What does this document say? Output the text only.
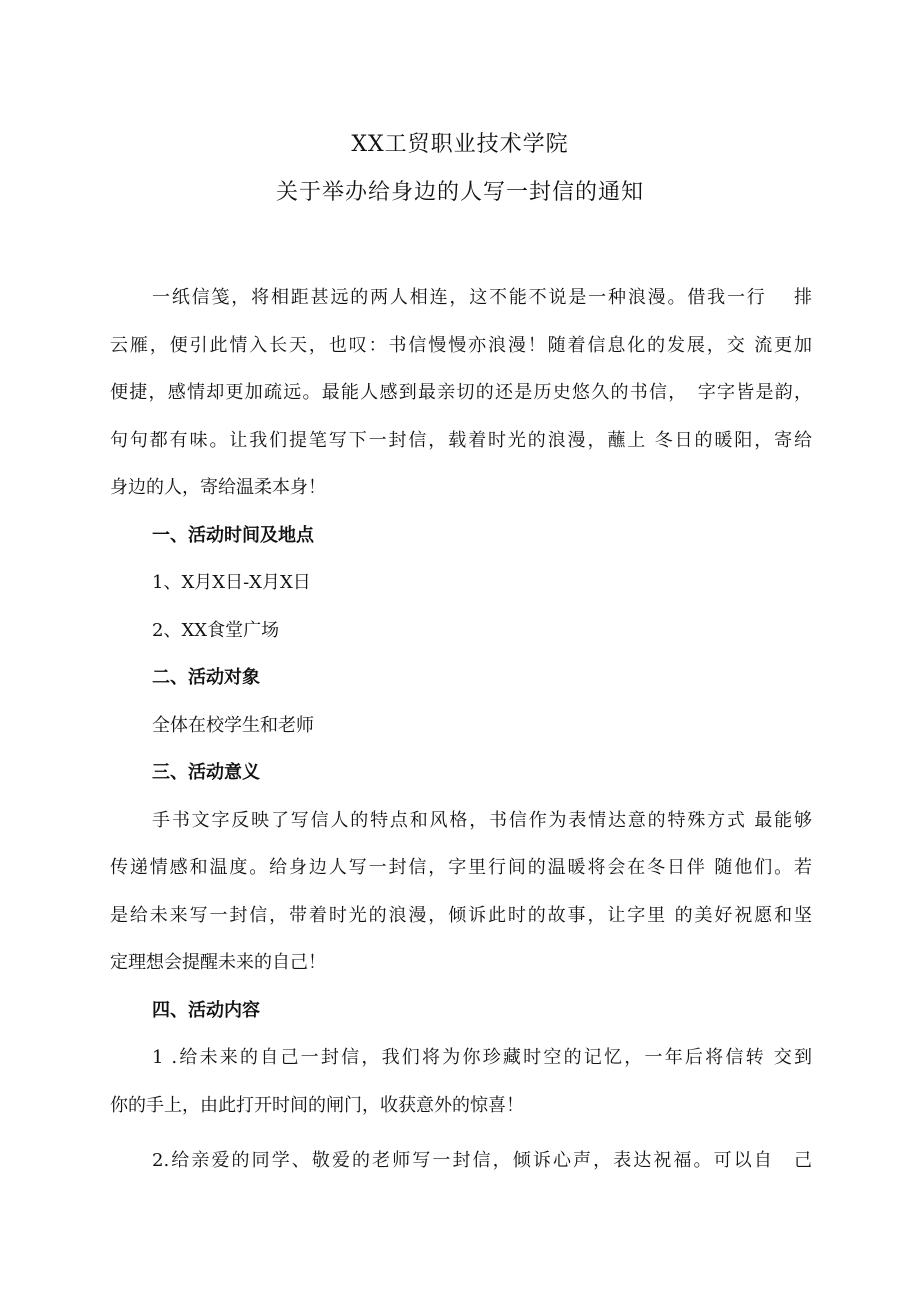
XX工贸职业技术学院
关于举办给身边的人写一封信的通知
一纸信笺，将相距甚远的两人相连，这不能不说是一种浪漫。借我一行　 排
云雁，便引此情入长天，也叹：书信慢慢亦浪漫！随着信息化的发展，交 流更加
便捷，感情却更加疏远。最能人感到最亲切的还是历史悠久的书信，　字字皆是韵，
句句都有味。让我们提笔写下一封信，载着时光的浪漫，蘸上 冬日的暖阳，寄给
身边的人，寄给温柔本身！
一、活动时间及地点
1、X月X日-X月X日
2、XX食堂广场
二、活动对象
全体在校学生和老师
三、活动意义
手书文字反映了写信人的特点和风格，书信作为表情达意的特殊方式 最能够
传递情感和温度。给身边人写一封信，字里行间的温暖将会在冬日伴 随他们。若
是给未来写一封信，带着时光的浪漫，倾诉此时的故事，让字里 的美好祝愿和坚
定理想会提醒未来的自己！
四、活动内容
1 .给未来的自己一封信，我们将为你珍藏时空的记忆，一年后将信转 交到
你的手上，由此打开时间的闸门，收获意外的惊喜！
2.给亲爱的同学、敬爱的老师写一封信，倾诉心声，表达祝福。可以自　己
